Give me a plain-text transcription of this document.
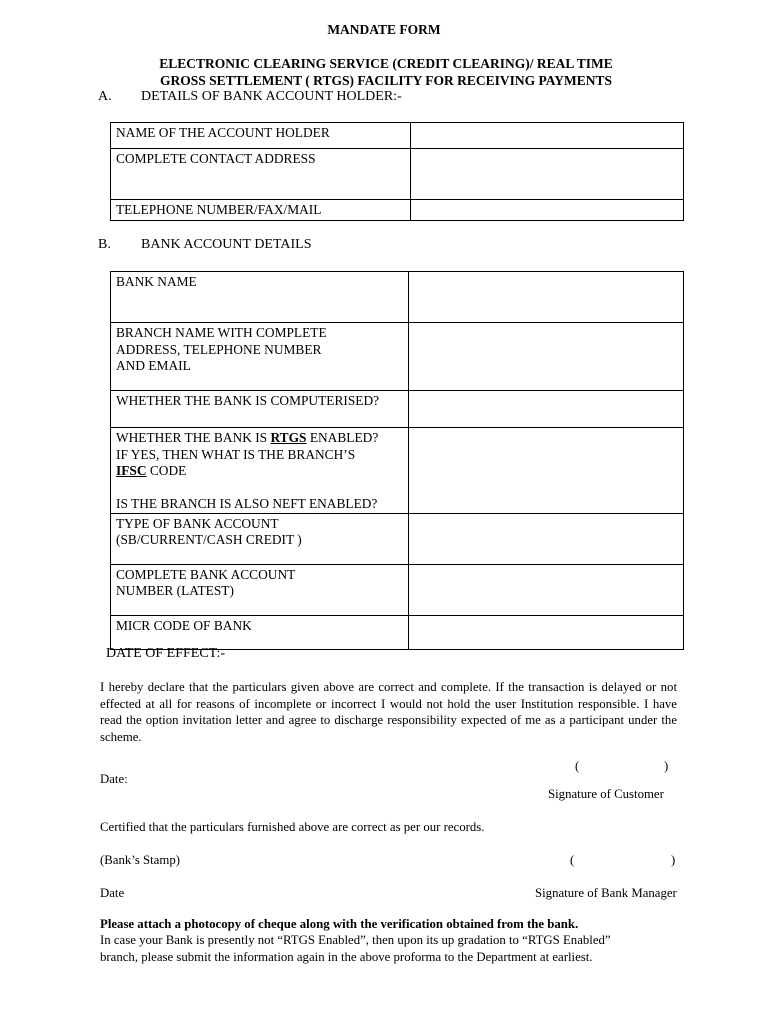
MANDATE FORM
ELECTRONIC CLEARING SERVICE (CREDIT CLEARING)/ REAL TIME
GROSS SETTLEMENT ( RTGS) FACILITY FOR RECEIVING PAYMENTS
A. DETAILS OF BANK ACCOUNT HOLDER:-
NAME OF THE ACCOUNT HOLDER	
COMPLETE CONTACT ADDRESS	
TELEPHONE NUMBER/FAX/MAIL	
B. BANK ACCOUNT DETAILS
BANK NAME	

BRANCH NAME WITH COMPLETE
ADDRESS, TELEPHONE NUMBER
AND EMAIL	

WHETHER THE BANK IS COMPUTERISED?	

WHETHER THE BANK IS RTGS ENABLED?
IF YES, THEN WHAT IS THE BRANCH’S
IFSC CODE
IS THE BRANCH IS ALSO NEFT ENABLED?	

TYPE OF BANK ACCOUNT
(SB/CURRENT/CASH CREDIT )	

COMPLETE BANK ACCOUNT
NUMBER (LATEST)	

MICR CODE OF BANK	
DATE OF EFFECT:-
I hereby declare that the particulars given above are correct and complete. If the transaction is delayed or not effected at all for reasons of incomplete or incorrect I would not hold the user Institution responsible. I have read the option invitation letter and agree to discharge responsibility expected of me as a participant under the scheme.
(	)
Date:
Signature of Customer
Certified that the particulars furnished above are correct as per our records.
(Bank’s Stamp)	(	)
Date	Signature of Bank Manager
Please attach a photocopy of cheque along with the verification obtained from the bank.
In case your Bank is presently not “RTGS Enabled”, then upon its up gradation to “RTGS Enabled”
branch, please submit the information again in the above proforma to the Department at earliest.
